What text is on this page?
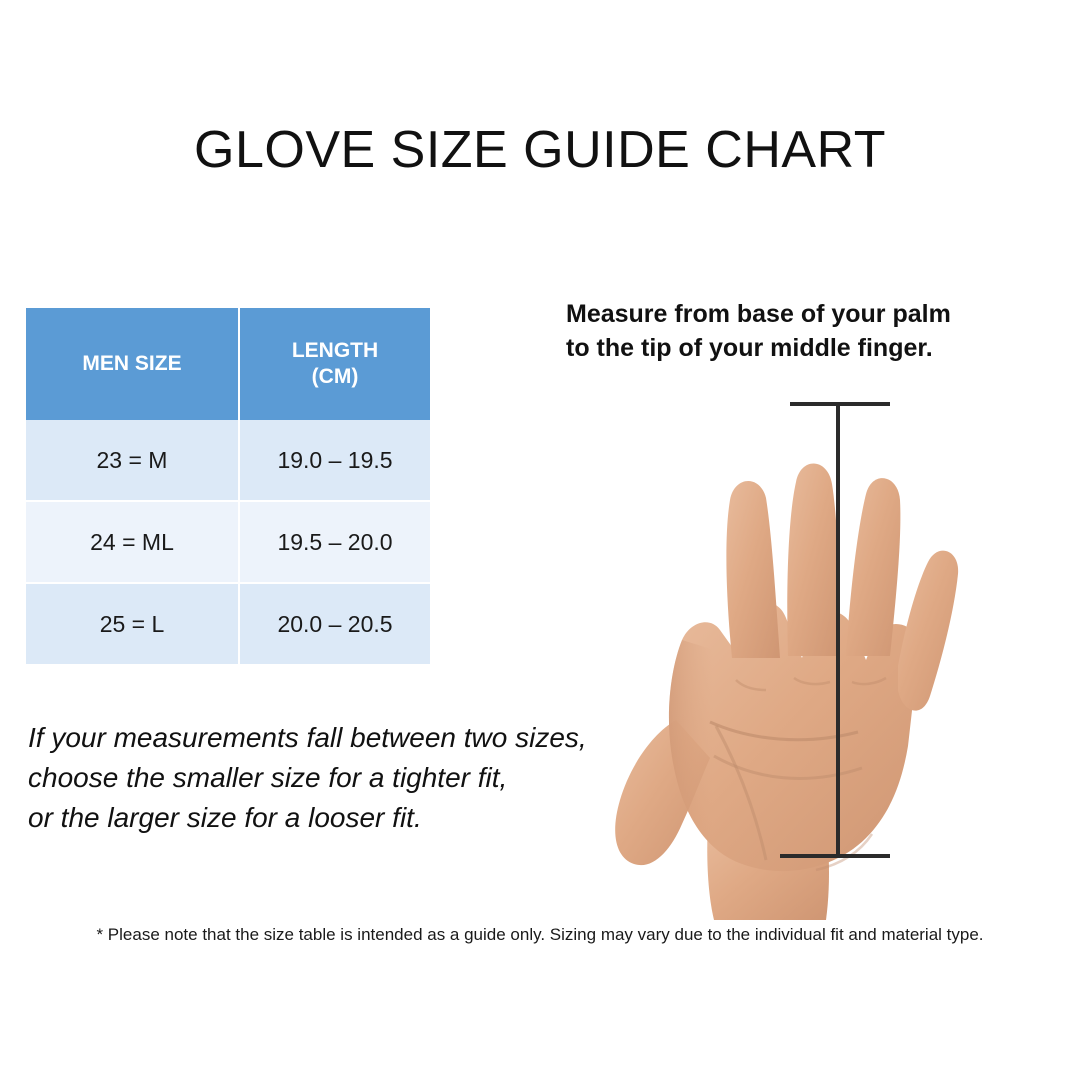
GLOVE SIZE GUIDE CHART
MEN SIZE	LENGTH
(CM)
23 = M	19.0 – 19.5
24 = ML	19.5 – 20.0
25 = L	20.0 – 20.5
If your measurements fall between two sizes,
choose the smaller size for a tighter fit,
or the larger size for a looser fit.
Measure from base of your palm
to the tip of your middle finger.
* Please note that the size table is intended as a guide only. Sizing may vary due to the individual fit and material type.
